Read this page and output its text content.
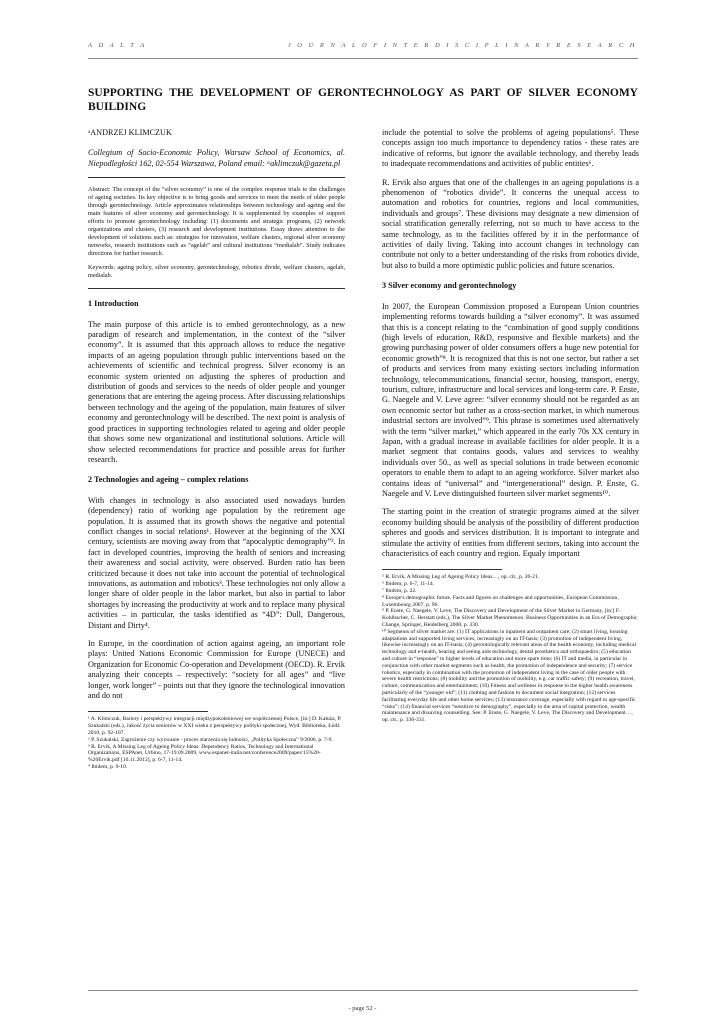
A D A L T A	J O U R N A L O F I N T E R D I S C I P L I N A R Y R E S E A R C H
SUPPORTING THE DEVELOPMENT OF GERONTECHNOLOGY AS PART OF SILVER ECONOMY BUILDING

ᵃANDRZEJ KLIMCZUK

Collegium of Socio-Economic Policy, Warsaw School of Economics, al. Niepodległości 162, 02-554 Warszawa, Poland email: ᵃaklimczuk@gazeta.pl

Abstract: The concept of the “silver economy” is one of the complex response trials to the challenges of ageing societies. Its key objective is to bring goods and services to meet the needs of older people through gerontechnology. Article approximates relationships between technology and ageing and the main features of silver economy and gerontechnology. It is supplemented by examples of support efforts to promote gerontechnology including: (1) documents and strategic programs, (2) network organizations and clusters, (3) research and development institutions. Essay draws attention to the development of solutions such as: strategies for innovation, welfare clusters, regional silver economy networks, research institutions such as “agelab” and cultural institutions “medialab”. Study indicates directions for further research.

Keywords: ageing policy, silver economy, gerontechnology, robotics divide, welfare clusters, agelab, medialab.

1 Introduction

The main purpose of this article is to embed gerontechnology, as a new paradigm of research and implementation, in the context of the “silver economy”. It is assumed that this approach allows to reduce the negative impacts of an ageing population through public interventions based on the achievements of scientific and technical progress. Silver economy is an economic system oriented on adjusting the spheres of production and distribution of goods and services to the needs of older people and younger generations that are entering the ageing process. After discussing relationships between technology and the ageing of the population, main features of silver economy and gerontechnology will be described. The next point is analysis of good practices in supporting technologies related to ageing and older people that shows some new organizational and institutional solutions. Article will show selected recommendations for practice and possible areas for further research.

2 Technologies and ageing – complex relations

With changes in technology is also associated used nowadays burden (dependency) ratio of working age population by the retirement age population. It is assumed that its growth shows the negative and potential conflict changes in social relations¹. However at the beginning of the XXI century, scientists are moving away from that “apocalyptic demography”². In fact in developed countries, improving the health of seniors and increasing their awareness and social activity, were observed. Burden ratio has been criticized because it does not take into account the potential of technological innovations, as automation and robotics³. These technologies not only allow a longer share of older people in the labor market, but also in partial to labor shortages by increasing the productivity at work and to replace many physical activities – in particular, the tasks identified as “4D”: Dull, Dangerous, Distant and Dirty⁴.

In Europe, in the coordination of action against ageing, an important role plays: United Nations Economic Commission for Europe (UNECE) and Organization for Economic Co-operation and Development (OECD). R. Ervik analyzing their concepts – respectively: “society for all ages” and “live longer, work longer” - points out that they ignore the technological innovation and do not

¹ A. Klimczuk, Bariery i perspektywy integracji międzypokoleniowej we współczesnej Polsce, [in:] D. Kałuża, P. Szukalski (eds.), Jakość życia seniorów w XXI wieku z perspektywy polityki społecznej, Wyd. Biblioteka, Łódź 2010, p. 92-107.

² P. Szukalski, Zagrożenie czy wyzwanie - proces starzenia się ludności, „Polityka Społeczna” 9/2006, p. 7-9.

³ R. Ervik, A Missing Leg of Ageing Policy Ideas: Dependency Ratios, Technology and International Organizations, ESPAnet, Urbino, 17-19.09.2009, www.espanet-italia.net/conference2009/paper/15%20-%20Ervik.pdf [10.11.2012], p. 6-7, 11-14.

⁴ Ibidem, p. 9-10.

include the potential to solve the problems of ageing populations⁵. These concepts assign too much importance to dependency ratios - these rates are indicative of reforms, but ignore the available technology, and thereby leads to inadequate recommendations and activities of public entities⁶.

R. Ervik also argues that one of the challenges in an ageing populations is a phenomenon of “robotics divide”. It concerns the unequal access to automation and robotics for countries, regions and local communities, individuals and groups⁷. These divisions may designate a new dimension of social stratification generally referring, not so much to have access to the same technology, as to the facilities offered by it in the performance of activities of daily living. Taking into account changes in technology can contribute not only to a better understanding of the risks from robotics divide, but also to build a more optimistic public policies and future scenarios.

3 Silver economy and gerontechnology

In 2007, the European Commission proposed a European Union countries implementing reforms towards building a “silver economy”. It was assumed that this is a concept relating to the “combination of good supply conditions (high levels of education, R&D, responsive and flexible markets) and the growing purchasing power of older consumers offers a huge new potential for economic growth”⁸. It is recognized that this is not one sector, but rather a set of products and services from many existing sectors including information technology, telecommunications, financial sector, housing, transport, energy, tourism, culture, infrastructure and local services and long-term care. P. Enste, G. Naegele and V. Leve agree: “silver economy should not be regarded as an own economic sector but rather as a cross-section market, in which numerous industrial sectors are involved”⁹. This phrase is sometimes used alternatively with the term “silver market,” which appeared in the early 70s XX century in Japan, with a gradual increase in available facilities for older people. It is a market segment that contains goods, values and services to wealthy individuals over 50., as well as special solutions in trade between economic operators to enable them to adapt to an ageing workforce. Silver market also contains ideas of “universal” and “intergenerational” design. P. Enste, G. Naegele and V. Leve distinguished fourteen silver market segments¹⁰.

The starting point in the creation of strategic programs aimed at the silver economy building should be analysis of the possibility of different production spheres and goods and services distribution. It is important to integrate and stimulate the activity of entities from different sectors, taking into account the characteristics of each country and region. Equaly important

⁵ R. Ervik, A Missing Leg of Ageing Policy Ideas…, op. cit., p. 20-21.

⁶ Ibidem, p. 6-7, 11-14.

⁷ Ibidem, p. 22.

⁸ Europe's demographic future. Facts and figures on challenges and opportunities, European Commission, Luxembourg 2007, p. 96.

⁹ P. Enste, G. Naegele, V. Leve, The Discovery and Development of the Silver Market in Germany, [in:] F. Kohlbacher, C. Herstatt (eds.), The Silver Market Phenomenon. Business Opportunities in an Era of Demographic Change, Springer, Heidelberg 2008, p. 330.

¹⁰ Segments of silver market are: (1) IT applications in inpatient and outpatient care; (2) smart living, housing adaptations and supported living services, increasingly on an IT-basis; (3) promotion of independent living, likewise increasingly on an IT-basis; (4) gerontologically relevant areas of the health economy, including medical technology and e-health, hearing and seeing aids technology, dental prosthetics and orthopaedics; (5) education and culture in “response” to higher levels of education and more spare time; (6) IT and media, in particular in conjunction with other market segments such as health, the promotion of independence and security; (7) service robotics, especially in combination with the promotion of independent living in the case of older people with severe health restrictions; (8) mobility and the promotion of mobility, e.g. car traffic safety; (9) recreation, travel, culture, communication and entertainment; (10) Fitness and wellness in response to the higher health awareness particularly of the “younger old”; (11) clothing and fashion to document social integration; (12) services facilitating everyday life and other home services; (13) insurance coverage, especially with regard to age-specific “risks”; (14) financial services “sensitive to demography”, especially in the area of capital protection, wealth maintenance and dissaving counselling. See: P. Enste, G. Naegele, V. Leve, The Discovery and Development…, op. cit., p. 330-331.

- page 52 -
